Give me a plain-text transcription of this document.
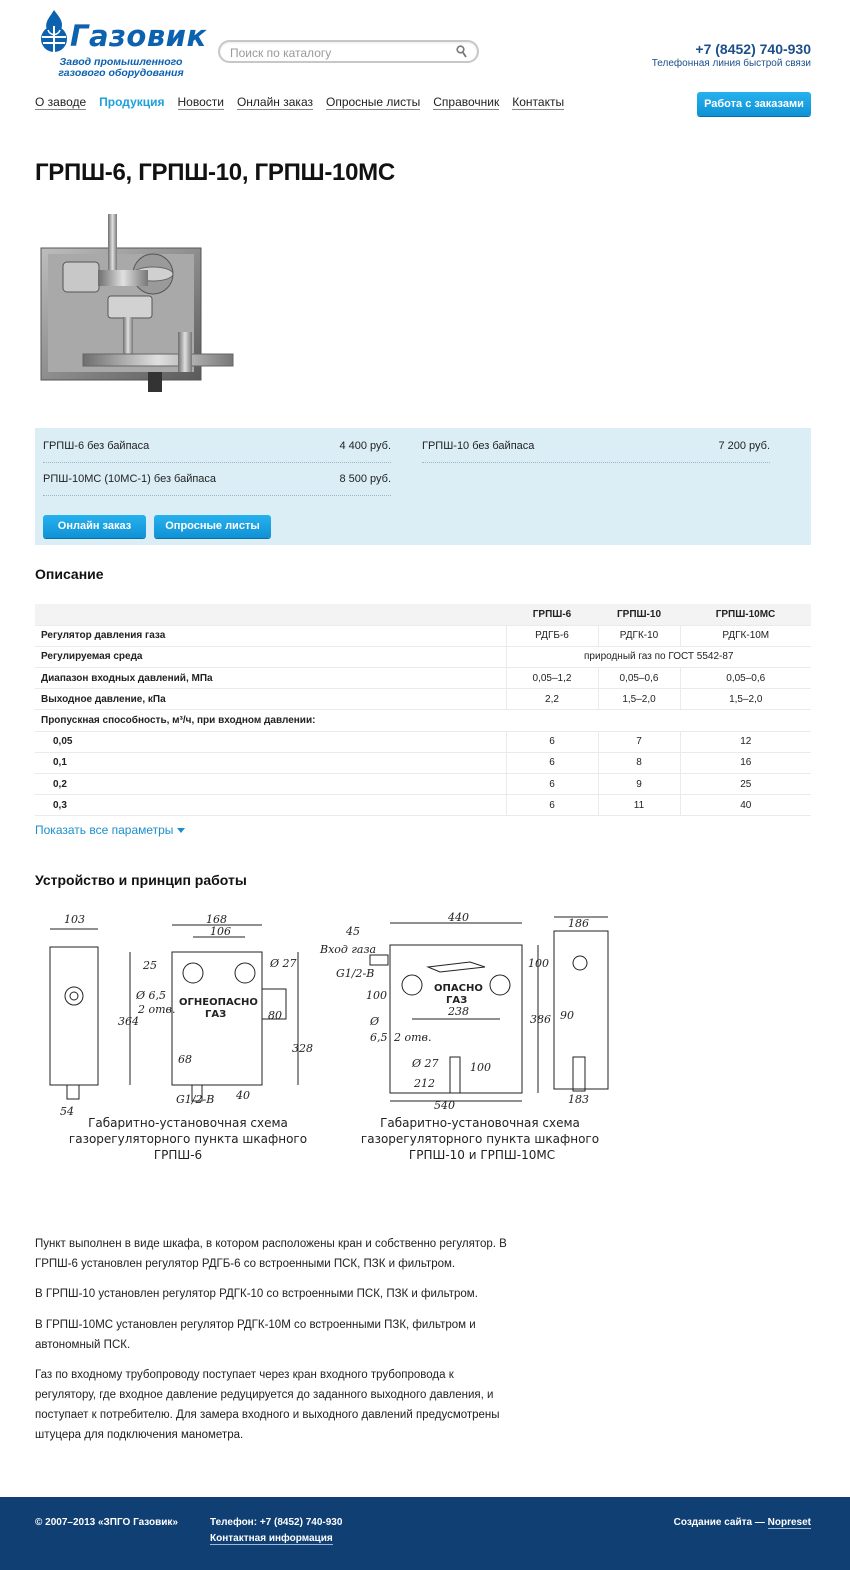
Газовик
Завод промышленного газового оборудования
Поиск по каталогу
+7 (8452) 740-930
Телефонная линия быстрой связи
О заводе Продукция Новости Онлайн заказ Опросные листы Справочник Контакты	Работа с заказами
ГРПШ-6, ГРПШ-10, ГРПШ-10МС
ГРПШ-6 без байпаса	4 400 руб.	ГРПШ-10 без байпаса	7 200 руб.
РПШ-10МС (10МС-1) без байпаса	8 500 руб.
Онлайн заказ	Опросные листы
Описание
	ГРПШ-6	ГРПШ-10	ГРПШ-10МС
Регулятор давления газа	РДГБ-6	РДГК-10	РДГК-10М
Регулируемая среда	природный газ по ГОСТ 5542-87		
Диапазон входных давлений, МПа	0,05–1,2	0,05–0,6	0,05–0,6
Выходное давление, кПа	2,2	1,5–2,0	1,5–2,0
Пропускная способность, м³/ч, при входном давлении:			
0,05	6	7	12
0,1	6	8	16
0,2	6	9	25
0,3	6	11	40
Показать все параметры
Устройство и принцип работы
103	168
106
25	Ø 27
Ø 6,5
2 отв.
364
328
80
68
40
54
G1/2-B
440	186
45
Вход газа
G1/2-B
100
Ø
6,5 2 отв.
238
Ø 27	100
386 90
212
540	183
100
ОГНЕОПАСНО
ГАЗ
ОПАСНО
ГАЗ
Габаритно-установочная схема
газорегуляторного пункта шкафного
ГРПШ-6
Габаритно-установочная схема
газорегуляторного пункта шкафного
ГРПШ-10 и ГРПШ-10МС

Пункт выполнен в виде шкафа, в котором расположены кран и собственно регулятор. В ГРПШ-6 установлен регулятор РДГБ-6 со встроенными ПСК, ПЗК и фильтром.

В ГРПШ-10 установлен регулятор РДГК-10 со встроенными ПСК, ПЗК и фильтром.

В ГРПШ-10МС установлен регулятор РДГК-10М со встроенными ПЗК, фильтром и автономный ПСК.

Газ по входному трубопроводу поступает через кран входного трубопровода к регулятору, где входное давление редуцируется до заданного выходного давления, и поступает к потребителю. Для замера входного и выходного давлений предусмотрены штуцера для подключения манометра.

© 2007–2013 «ЗПГО Газовик»	Телефон: +7 (8452) 740-930
Контактная информация
Создание сайта — Nopreset
